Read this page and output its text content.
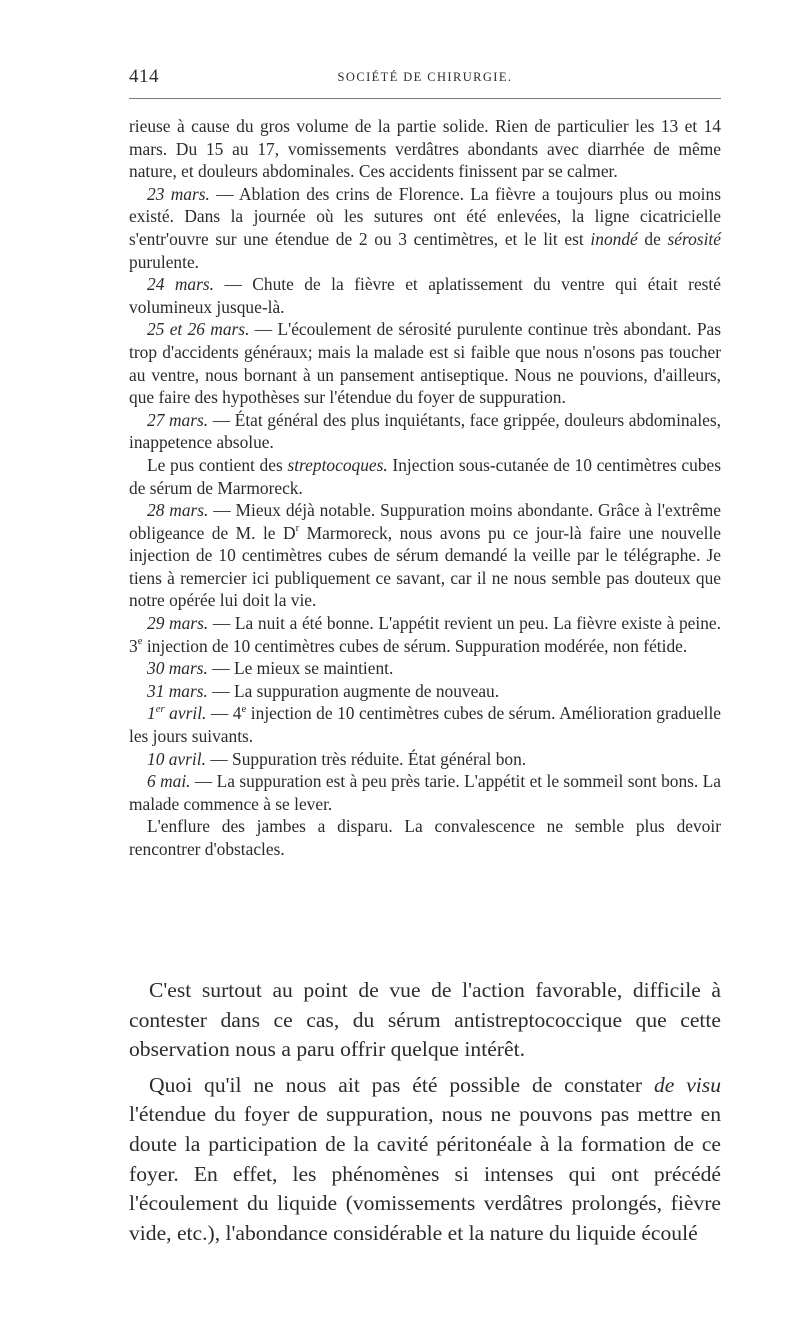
414	SOCIÉTÉ DE CHIRURGIE.

rieuse à cause du gros volume de la partie solide. Rien de particulier les 13 et 14 mars. Du 15 au 17, vomissements verdâtres abondants avec diarrhée de même nature, et douleurs abdominales. Ces accidents finissent par se calmer.

23 mars. — Ablation des crins de Florence. La fièvre a toujours plus ou moins existé. Dans la journée où les sutures ont été enlevées, la ligne cicatricielle s'entr'ouvre sur une étendue de 2 ou 3 centimètres, et le lit est inondé de sérosité purulente.

24 mars. — Chute de la fièvre et aplatissement du ventre qui était resté volumineux jusque-là.

25 et 26 mars. — L'écoulement de sérosité purulente continue très abondant. Pas trop d'accidents généraux; mais la malade est si faible que nous n'osons pas toucher au ventre, nous bornant à un pansement antiseptique. Nous ne pouvions, d'ailleurs, que faire des hypothèses sur l'étendue du foyer de suppuration.

27 mars. — État général des plus inquiétants, face grippée, douleurs abdominales, inappetence absolue.

Le pus contient des streptocoques. Injection sous-cutanée de 10 centimètres cubes de sérum de Marmoreck.

28 mars. — Mieux déjà notable. Suppuration moins abondante. Grâce à l'extrême obligeance de M. le $D^r$ Marmoreck, nous avons pu ce jour-là faire une nouvelle injection de 10 centimètres cubes de sérum demandé la veille par le télégraphe. Je tiens à remercier ici publiquement ce savant, car il ne nous semble pas douteux que notre opérée lui doit la vie.

29 mars. — La nuit a été bonne. L'appétit revient un peu. La fièvre existe à peine. 3e injection de 10 centimètres cubes de sérum. Suppuration modérée, non fétide.

30 mars. — Le mieux se maintient.

31 mars. — La suppuration augmente de nouveau.

1er avril. — 4e injection de 10 centimètres cubes de sérum. Amélioration graduelle les jours suivants.

10 avril. — Suppuration très réduite. État général bon.

6 mai. — La suppuration est à peu près tarie. L'appétit et le sommeil sont bons. La malade commence à se lever.

L'enflure des jambes a disparu. La convalescence ne semble plus devoir rencontrer d'obstacles.

C'est surtout au point de vue de l'action favorable, difficile à contester dans ce cas, du sérum antistreptococcique que cette observation nous a paru offrir quelque intérêt.

Quoi qu'il ne nous ait pas été possible de constater de visu l'étendue du foyer de suppuration, nous ne pouvons pas mettre en doute la participation de la cavité péritonéale à la formation de ce foyer. En effet, les phénomènes si intenses qui ont précédé l'écoulement du liquide (vomissements verdâtres prolongés, fièvre vide, etc.), l'abondance considérable et la nature du liquide écoulé
